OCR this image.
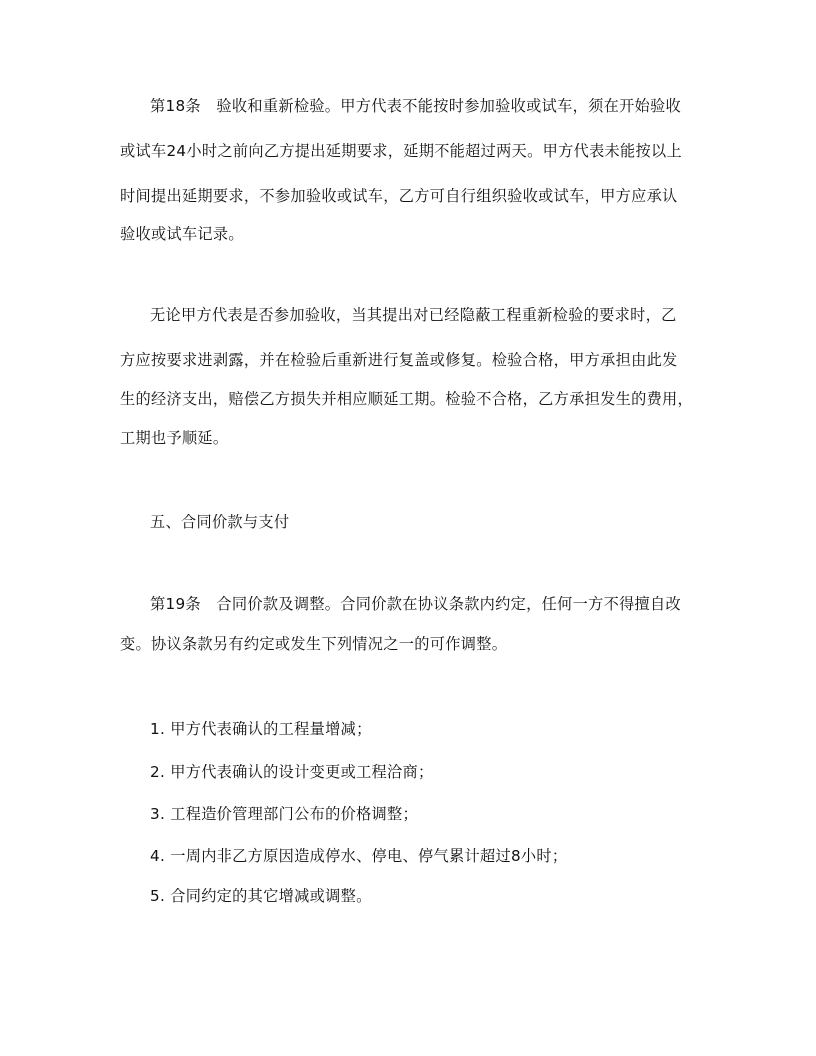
第18条　验收和重新检验。甲方代表不能按时参加验收或试车，须在开始验收
或试车24小时之前向乙方提出延期要求，延期不能超过两天。甲方代表未能按以上
时间提出延期要求，不参加验收或试车，乙方可自行组织验收或试车，甲方应承认
验收或试车记录。
无论甲方代表是否参加验收，当其提出对已经隐蔽工程重新检验的要求时，乙
方应按要求进剥露，并在检验后重新进行复盖或修复。检验合格，甲方承担由此发
生的经济支出，赔偿乙方损失并相应顺延工期。检验不合格，乙方承担发生的费用，
工期也予顺延。
五、合同价款与支付
第19条　合同价款及调整。合同价款在协议条款内约定，任何一方不得擅自改
变。协议条款另有约定或发生下列情况之一的可作调整。
1. 甲方代表确认的工程量增减；
2. 甲方代表确认的设计变更或工程洽商；
3. 工程造价管理部门公布的价格调整；
4. 一周内非乙方原因造成停水、停电、停气累计超过8小时；
5. 合同约定的其它增减或调整。
